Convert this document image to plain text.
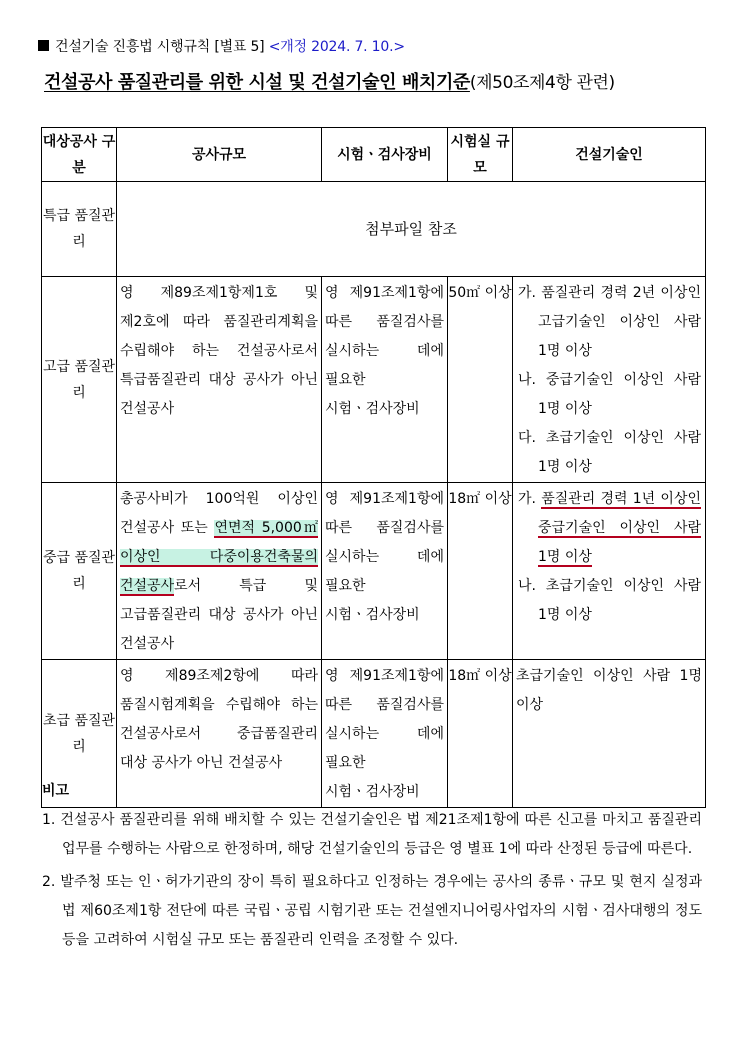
건설기술 진흥법 시행규칙 [별표 5] <개정 2024. 7. 10.>
건설공사 품질관리를 위한 시설 및 건설기술인 배치기준(제50조제4항 관련)
대상공사 구분	공사규모	시험ㆍ검사장비	시험실 규모	건설기술인
특급 품질관리	첨부파일 참조			
고급 품질관리	영 제89조제1항제1호 및 제2호에 따라 품질관리계획을 수립해야 하는 건설공사로서 특급품질관리 대상 공사가 아닌 건설공사	영 제91조제1항에 따른 품질검사를 실시하는 데에 필요한 시험ㆍ검사장비	50㎡ 이상	가. 품질관리 경력 2년 이상인 고급기술인 이상인 사람 1명 이상
나. 중급기술인 이상인 사람 1명 이상
다. 초급기술인 이상인 사람 1명 이상

중급 품질관리	총공사비가 100억원 이상인 건설공사 또는 연면적 5,000㎡ 이상인 다중이용건축물의 건설공사로서 특급 및 고급품질관리 대상 공사가 아닌 건설공사	영 제91조제1항에 따른 품질검사를 실시하는 데에 필요한 시험ㆍ검사장비	18㎡ 이상	가. 품질관리 경력 1년 이상인 중급기술인 이상인 사람 1명 이상
나. 초급기술인 이상인 사람 1명 이상

초급 품질관리	영 제89조제2항에 따라 품질시험계획을 수립해야 하는 건설공사로서 중급품질관리 대상 공사가 아닌 건설공사	영 제91조제1항에 따른 품질검사를 실시하는 데에 필요한 시험ㆍ검사장비	18㎡ 이상	초급기술인 이상인 사람 1명 이상
비고
1. 건설공사 품질관리를 위해 배치할 수 있는 건설기술인은 법 제21조제1항에 따른 신고를 마치고 품질관리 업무를 수행하는 사람으로 한정하며, 해당 건설기술인의 등급은 영 별표 1에 따라 산정된 등급에 따른다.
2. 발주청 또는 인ㆍ허가기관의 장이 특히 필요하다고 인정하는 경우에는 공사의 종류ㆍ규모 및 현지 실정과 법 제60조제1항 전단에 따른 국립ㆍ공립 시험기관 또는 건설엔지니어링사업자의 시험ㆍ검사대행의 정도 등을 고려하여 시험실 규모 또는 품질관리 인력을 조정할 수 있다.
